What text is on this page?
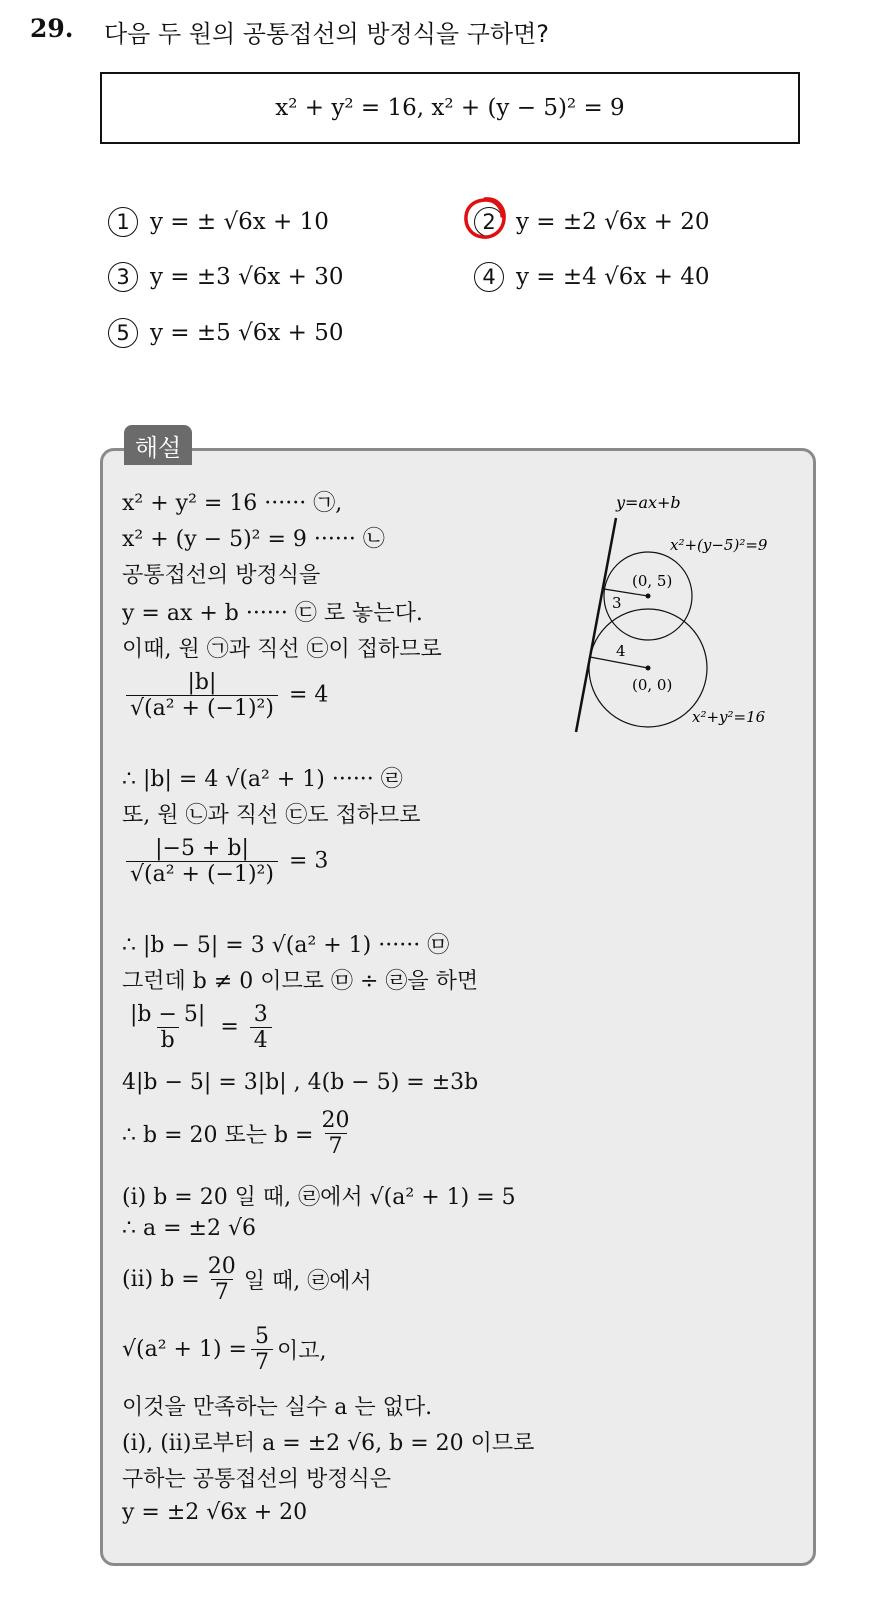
29. 다음 두 원의 공통접선의 방정식을 구하면?
x² + y² = 16, x² + (y − 5)² = 9
1 y = ± √6x + 10	2 y = ±2 √6x + 20
3 y = ±3 √6x + 30	4 y = ±4 √6x + 40
5 y = ±5 √6x + 50
해설
x² + y² = 16 ······ ㉠,
x² + (y − 5)² = 9 ······ ㉡
공통접선의 방정식을
y = ax + b ······ ㉢ 로 놓는다.
이때, 원 ㉠과 직선 ㉢이 접하므로
$\frac{|b|}{\text{√(a² + (−1)²)}} = 4$
∴ |b| = 4 √(a² + 1) ······ ㉣
또, 원 ㉡과 직선 ㉢도 접하므로
$\frac{|-5 + b|}{\text{√(a² + (−1)²)}} = 3$
∴ |b − 5| = 3 √(a² + 1) ······ ㉤
그런데 b ≠ 0 이므로 ㉤ ÷ ㉣을 하면
$\frac{|b - 5|}{b} = \frac{3}{4}$
4|b − 5| = 3|b| , 4(b − 5) = ±3b
∴ b = 20 또는 $b = \frac{20}{7}$
(i) b = 20 일 때, ㉣에서 √(a² + 1) = 5
∴ a = ±2 √6
(ii) $b = \frac{20}{7}$ 일 때, ㉣에서
$√(a^2 + 1) = \frac{5}{7}$ 이고,
이것을 만족하는 실수 a 는 없다.
(i), (ii)로부터 a = ±2 √6, b = 20 이므로
구하는 공통접선의 방정식은
y = ±2 √6x + 20
y=ax+b
x²+(y−5)²=9
x²+y²=16
(0, 5)
(0, 0)
3
4
